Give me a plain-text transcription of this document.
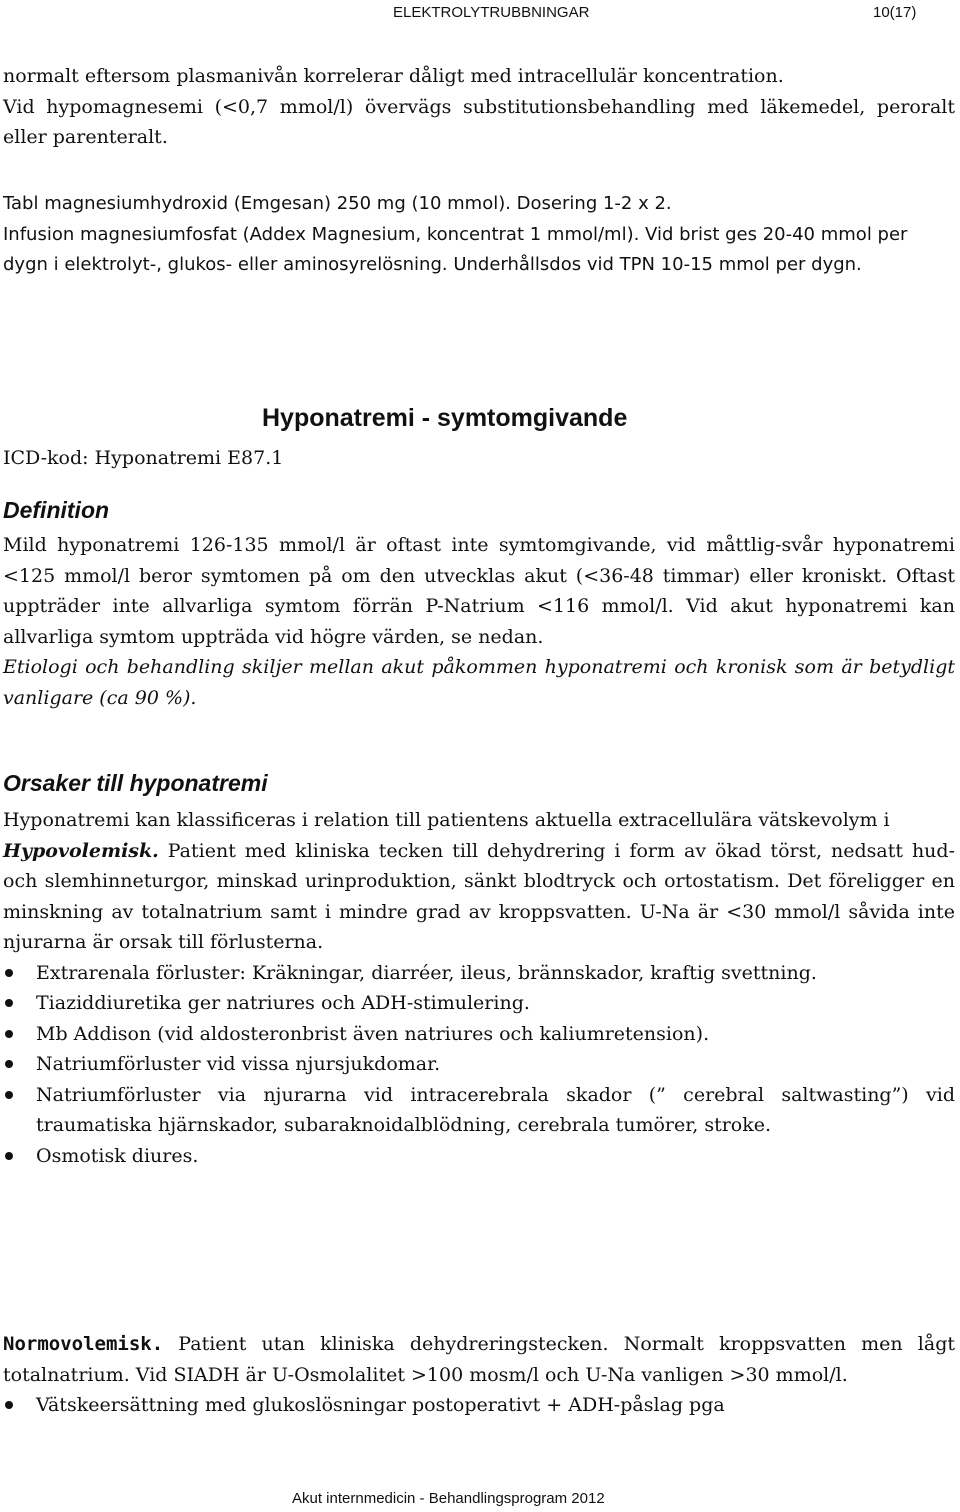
ELEKTROLYTRUBBNINGAR	10(17)

normalt eftersom plasmanivån korrelerar dåligt med intracellulär koncentration.

Vid hypomagnesemi (<0,7 mmol/l) övervägs substitutionsbehandling med läkemedel, peroralt eller parenteralt.

Tabl magnesiumhydroxid (Emgesan) 250 mg (10 mmol). Dosering 1-2 x 2.

Infusion magnesiumfosfat (Addex Magnesium, koncentrat 1 mmol/ml). Vid brist ges 20-40 mmol per dygn i elektrolyt-, glukos- eller aminosyrelösning. Underhållsdos vid TPN 10-15 mmol per dygn.

Hyponatremi - symtomgivande

ICD-kod: Hyponatremi E87.1

Definition

Mild hyponatremi 126-135 mmol/l är oftast inte symtomgivande, vid måttlig-svår hyponatremi <125 mmol/l beror symtomen på om den utvecklas akut (<36-48 timmar) eller kroniskt. Oftast uppträder inte allvarliga symtom förrän P-Natrium <116 mmol/l. Vid akut hyponatremi kan allvarliga symtom uppträda vid högre värden, se nedan.

Etiologi och behandling skiljer mellan akut påkommen hyponatremi och kronisk som är betydligt vanligare (ca 90 %).

Orsaker till hyponatremi

Hyponatremi kan klassificeras i relation till patientens aktuella extracellulära vätskevolym i

Hypovolemisk. Patient med kliniska tecken till dehydrering i form av ökad törst, nedsatt hud- och slemhinneturgor, minskad urinproduktion, sänkt blodtryck och ortostatism. Det föreligger en minskning av totalnatrium samt i mindre grad av kroppsvatten. U-Na är <30 mmol/l såvida inte njurarna är orsak till förlusterna.

Extrarenala förluster: Kräkningar, diarréer, ileus, brännskador, kraftig svettning.
Tiaziddiuretika ger natriures och ADH-stimulering.
Mb Addison (vid aldosteronbrist även natriures och kaliumretension).
Natriumförluster vid vissa njursjukdomar.
Natriumförluster via njurarna vid intracerebrala skador (” cerebral saltwasting”) vid traumatiska hjärnskador, subaraknoidalblödning, cerebrala tumörer, stroke.
Osmotisk diures.

Normovolemisk. Patient utan kliniska dehydreringstecken. Normalt kroppsvatten men lågt totalnatrium. Vid SIADH är U-Osmolalitet >100 mosm/l och U-Na vanligen >30 mmol/l.

Vätskeersättning med glukoslösningar postoperativt + ADH-påslag pga
Akut internmedicin - Behandlingsprogram 2012
